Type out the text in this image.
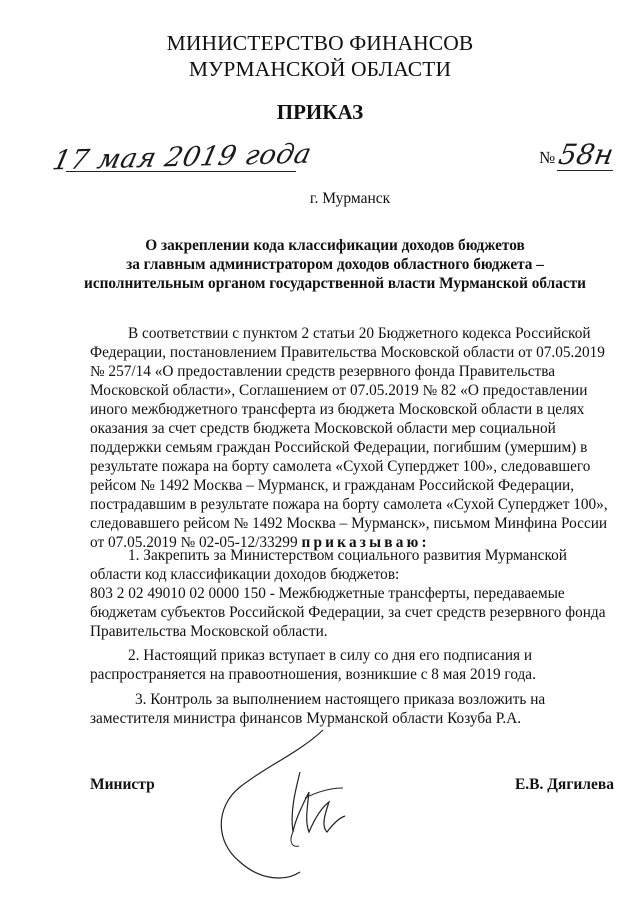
МИНИСТЕРСТВО ФИНАНСОВ
МУРМАНСКОЙ ОБЛАСТИ
ПРИКАЗ
17 мая 2019 года	№ 58н
г. Мурманск
О закреплении кода классификации доходов бюджетов
за главным администратором доходов областного бюджета –
исполнительным органом государственной власти Мурманской области
В соответствии с пунктом 2 статьи 20 Бюджетного кодекса Российской
Федерации, постановлением Правительства Московской области от 07.05.2019
№ 257/14 «О предоставлении средств резервного фонда Правительства
Московской области», Соглашением от 07.05.2019 № 82 «О предоставлении
иного межбюджетного трансферта из бюджета Московской области в целях
оказания за счет средств бюджета Московской области мер социальной
поддержки семьям граждан Российской Федерации, погибшим (умершим) в
результате пожара на борту самолета «Сухой Суперджет 100», следовавшего
рейсом № 1492 Москва – Мурманск, и гражданам Российской Федерации,
пострадавшим в результате пожара на борту самолета «Сухой Суперджет 100»,
следовавшего рейсом № 1492 Москва – Мурманск», письмом Минфина России
от 07.05.2019 № 02-05-12/33299 приказываю:
1. Закрепить за Министерством социального развития Мурманской
области код классификации доходов бюджетов:
803 2 02 49010 02 0000 150 - Межбюджетные трансферты, передаваемые
бюджетам субъектов Российской Федерации, за счет средств резервного фонда
Правительства Московской области.
2. Настоящий приказ вступает в силу со дня его подписания и
распространяется на правоотношения, возникшие с 8 мая 2019 года.
3. Контроль за выполнением настоящего приказа возложить на
заместителя министра финансов Мурманской области Козуба Р.А.
Министр	Е.В. Дягилева
